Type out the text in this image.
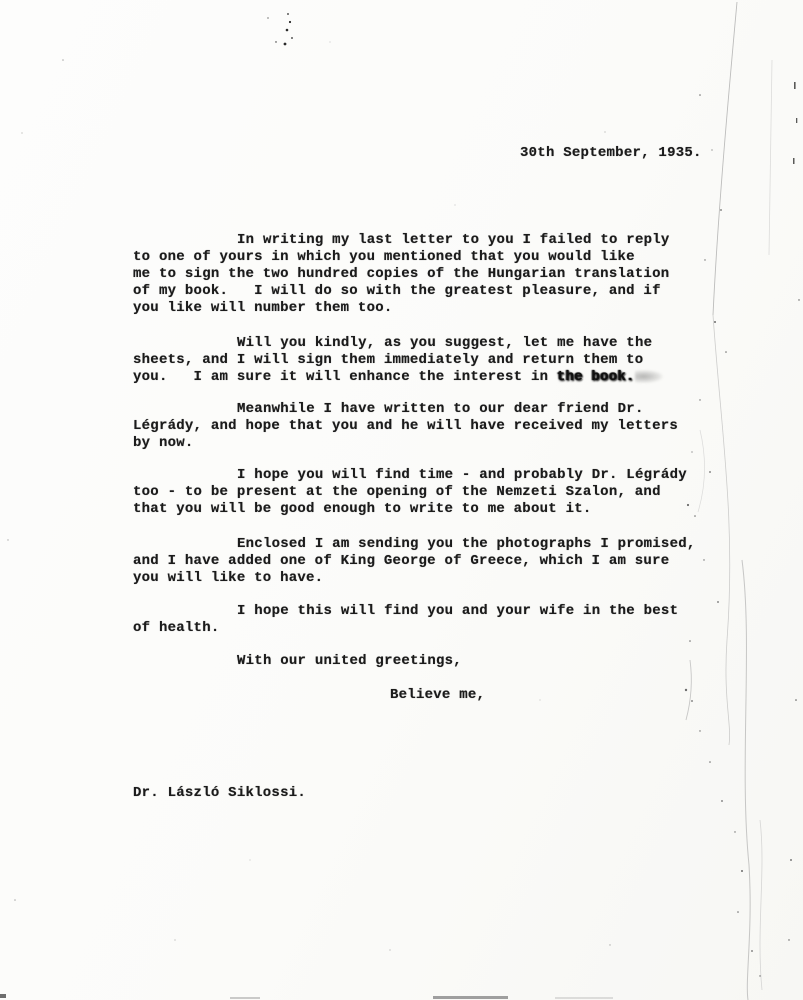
30th September, 1935.
In writing my last letter to you I failed to reply
to one of yours in which you mentioned that you would like
me to sign the two hundred copies of the Hungarian translation
of my book.   I will do so with the greatest pleasure, and if
you like will number them too.
Will you kindly, as you suggest, let me have the
sheets, and I will sign them immediately and return them to
you.   I am sure it will enhance the interest in the book.
Meanwhile I have written to our dear friend Dr.
Légrády, and hope that you and he will have received my letters
by now.
I hope you will find time - and probably Dr. Légrády
too - to be present at the opening of the Nemzeti Szalon, and
that you will be good enough to write to me about it.
Enclosed I am sending you the photographs I promised,
and I have added one of King George of Greece, which I am sure
you will like to have.
I hope this will find you and your wife in the best
of health.
With our united greetings,
Believe me,
Dr. László Siklossi.
